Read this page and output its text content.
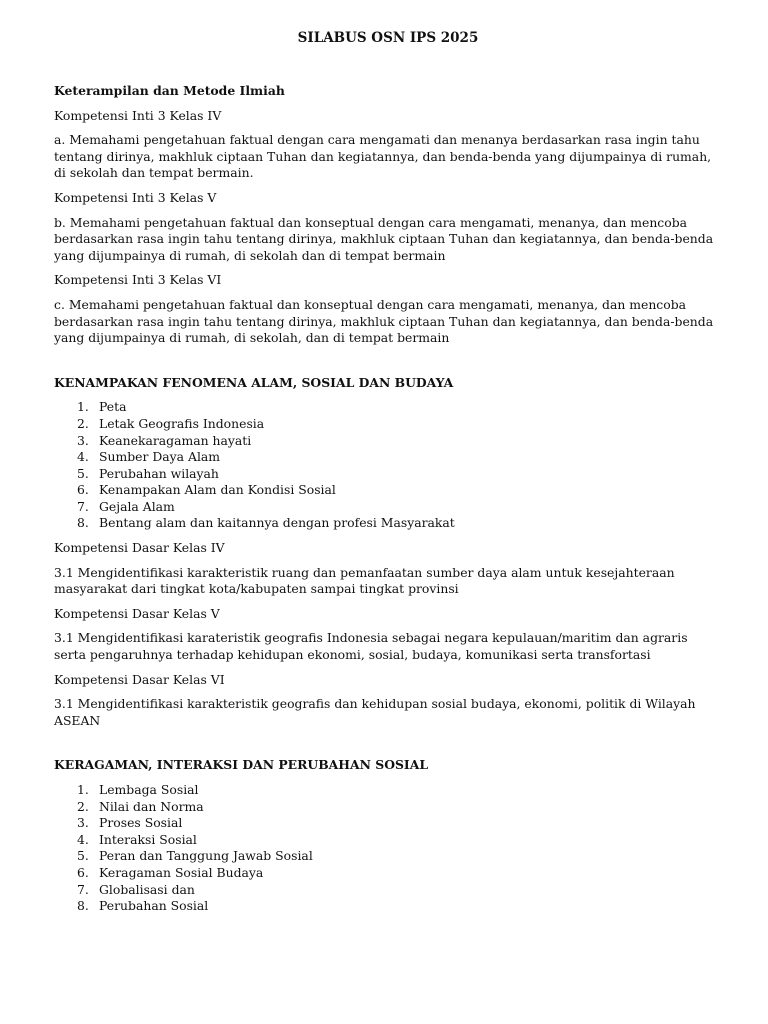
SILABUS OSN IPS 2025

Keterampilan dan Metode Ilmiah

Kompetensi Inti 3 Kelas IV

a. Memahami pengetahuan faktual dengan cara mengamati dan menanya berdasarkan rasa ingin tahu tentang dirinya, makhluk ciptaan Tuhan dan kegiatannya, dan benda-benda yang dijumpainya di rumah, di sekolah dan tempat bermain.

Kompetensi Inti 3 Kelas V

b. Memahami pengetahuan faktual dan konseptual dengan cara mengamati, menanya, dan mencoba berdasarkan rasa ingin tahu tentang dirinya, makhluk ciptaan Tuhan dan kegiatannya, dan benda-benda yang dijumpainya di rumah, di sekolah dan di tempat bermain

Kompetensi Inti 3 Kelas VI

c. Memahami pengetahuan faktual dan konseptual dengan cara mengamati, menanya, dan mencoba berdasarkan rasa ingin tahu tentang dirinya, makhluk ciptaan Tuhan dan kegiatannya, dan benda-benda yang dijumpainya di rumah, di sekolah, dan di tempat bermain

KENAMPAKAN FENOMENA ALAM, SOSIAL DAN BUDAYA

1. Peta
2. Letak Geografis Indonesia
3. Keanekaragaman hayati
4. Sumber Daya Alam
5. Perubahan wilayah
6. Kenampakan Alam dan Kondisi Sosial
7. Gejala Alam
8. Bentang alam dan kaitannya dengan profesi Masyarakat

Kompetensi Dasar Kelas IV

3.1 Mengidentifikasi karakteristik ruang dan pemanfaatan sumber daya alam untuk kesejahteraan masyarakat dari tingkat kota/kabupaten sampai tingkat provinsi

Kompetensi Dasar Kelas V

3.1 Mengidentifikasi karateristik geografis Indonesia sebagai negara kepulauan/maritim dan agraris serta pengaruhnya terhadap kehidupan ekonomi, sosial, budaya, komunikasi serta transfortasi

Kompetensi Dasar Kelas VI

3.1 Mengidentifikasi karakteristik geografis dan kehidupan sosial budaya, ekonomi, politik di Wilayah ASEAN

KERAGAMAN, INTERAKSI DAN PERUBAHAN SOSIAL

1. Lembaga Sosial
2. Nilai dan Norma
3. Proses Sosial
4. Interaksi Sosial
5. Peran dan Tanggung Jawab Sosial
6. Keragaman Sosial Budaya
7. Globalisasi dan
8. Perubahan Sosial
